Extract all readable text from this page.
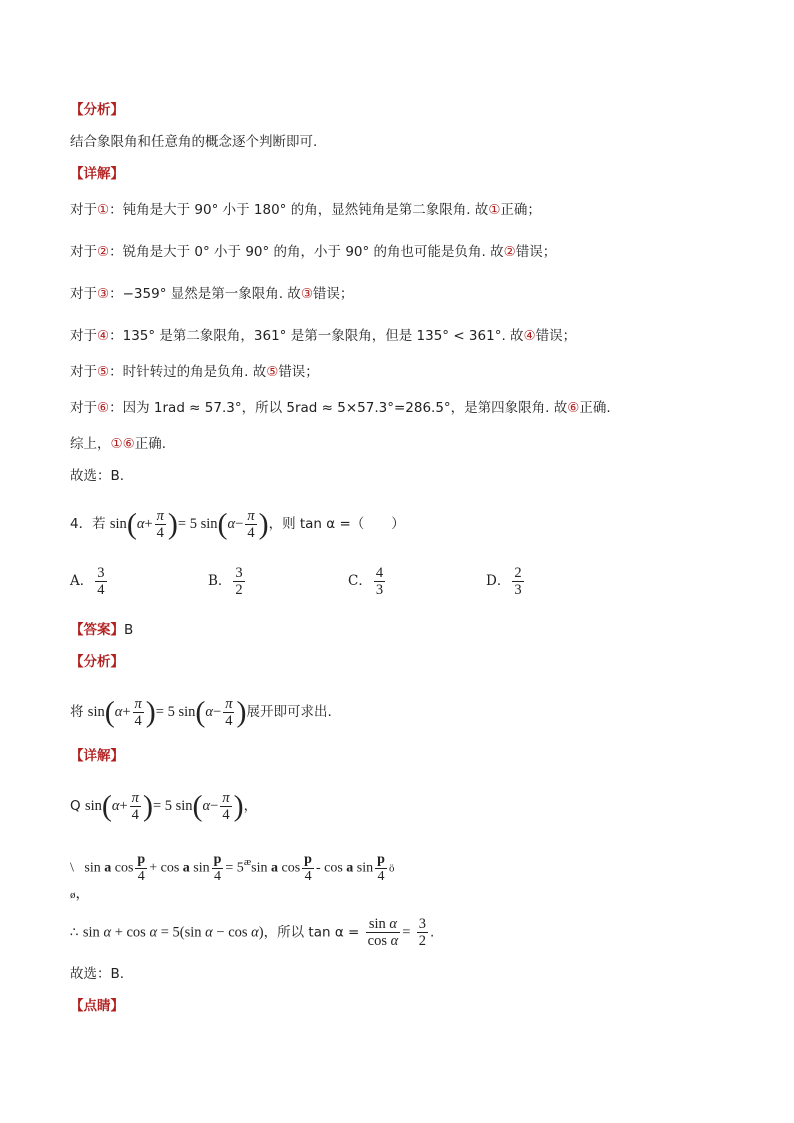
【分析】
结合象限角和任意角的概念逐个判断即可.
【详解】
对于①：钝角是大于 90° 小于 180° 的角，显然钝角是第二象限角. 故①正确；
对于②：锐角是大于 0° 小于 90° 的角，小于 90° 的角也可能是负角. 故②错误；
对于③：−359° 显然是第一象限角. 故③错误；
对于④：135° 是第二象限角，361° 是第一象限角，但是 135° < 361°. 故④错误；
对于⑤：时针转过的角是负角. 故⑤错误；
对于⑥：因为 1rad ≈ 57.3°，所以 5rad ≈ 5×57.3°=286.5°，是第四象限角. 故⑥正确.
综上，①⑥正确.
故选：B.
4．若 $\sin(\alpha+ \frac{\pi}{4}$ )= 5 $\sin(\alpha- \frac{\pi}{4}$ )，则 tan α =（　　）
A． $\frac{3}{4}$	B． $\frac{3}{2}$	C． $\frac{4}{3}$	D． $\frac{2}{3}$
【答案】B
【分析】
将 $\sin(\alpha+ \frac{\pi}{4}$ )= 5 $\sin(\alpha- \frac{\pi}{4}$ )展开即可求出.
【详解】
Q $\sin(\alpha+ \frac{\pi}{4}$ )= 5 $\sin(\alpha- \frac{\pi}{4}$ )，
\   sin a $\cos \frac{p}{4} + \cos a$ $\sin \frac{p}{4} = 5^æ\sin$ a $\cos \frac{p}{4}$ - cos a $\sin \frac{p}{4}$ ö
ø，
∴ sin α + cos α = 5(sin α − cos α)，所以 $\tan \alpha = \frac{\text{sin α}}{\text{cos α}} = \frac{3}{2}$ .
故选：B.
【点睛】
